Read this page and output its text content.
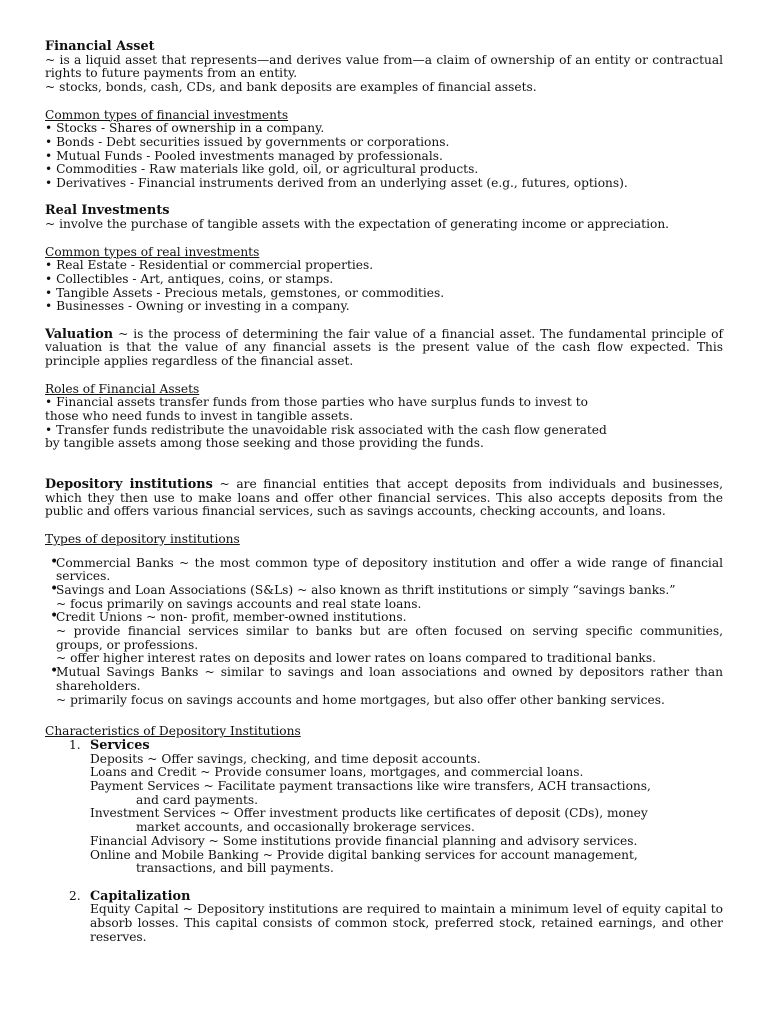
Financial Asset

~ is a liquid asset that represents—and derives value from—a claim of ownership of an entity or contractual rights to future payments from an entity.

~ stocks, bonds, cash, CDs, and bank deposits are examples of financial assets.

Common types of financial investments
• Stocks - Shares of ownership in a company.
• Bonds - Debt securities issued by governments or corporations.
• Mutual Funds - Pooled investments managed by professionals.
• Commodities - Raw materials like gold, oil, or agricultural products.
• Derivatives - Financial instruments derived from an underlying asset (e.g., futures, options).
Real Investments

~ involve the purchase of tangible assets with the expectation of generating income or appreciation.

Common types of real investments
• Real Estate - Residential or commercial properties.
• Collectibles - Art, antiques, coins, or stamps.
• Tangible Assets - Precious metals, gemstones, or commodities.
• Businesses - Owning or investing in a company.

Valuation ~ is the process of determining the fair value of a financial asset. The fundamental principle of valuation is that the value of any financial assets is the present value of the cash flow expected. This principle applies regardless of the financial asset.

Roles of Financial Assets
• Financial assets transfer funds from those parties who have surplus funds to invest to
those who need funds to invest in tangible assets.
• Transfer funds redistribute the unavoidable risk associated with the cash flow generated
by tangible assets among those seeking and those providing the funds.

Depository institutions ~ are financial entities that accept deposits from individuals and businesses, which they then use to make loans and offer other financial services. This also accepts deposits from the public and offers various financial services, such as savings accounts, checking accounts, and loans.

Types of depository institutions
• Commercial Banks ~ the most common type of depository institution and offer a wide range of financial services.
• Savings and Loan Associations (S&Ls) ~ also known as thrift institutions or simply “savings banks.”
~ focus primarily on savings accounts and real state loans.
• Credit Unions ~ non- profit, member-owned institutions.
~ provide financial services similar to banks but are often focused on serving specific communities, groups, or professions.
~ offer higher interest rates on deposits and lower rates on loans compared to traditional banks.
• Mutual Savings Banks ~ similar to savings and loan associations and owned by depositors rather than shareholders.
~ primarily focus on savings accounts and home mortgages, but also offer other banking services.
Characteristics of Depository Institutions
1. Services
Deposits ~ Offer savings, checking, and time deposit accounts.
Loans and Credit ~ Provide consumer loans, mortgages, and commercial loans.
Payment Services ~ Facilitate payment transactions like wire transfers, ACH transactions,
and card payments.
Investment Services ~ Offer investment products like certificates of deposit (CDs), money
market accounts, and occasionally brokerage services.
Financial Advisory ~ Some institutions provide financial planning and advisory services.
Online and Mobile Banking ~ Provide digital banking services for account management,
transactions, and bill payments.
2. Capitalization
Equity Capital ~ Depository institutions are required to maintain a minimum level of equity capital to absorb losses. This capital consists of common stock, preferred stock, retained earnings, and other reserves.
